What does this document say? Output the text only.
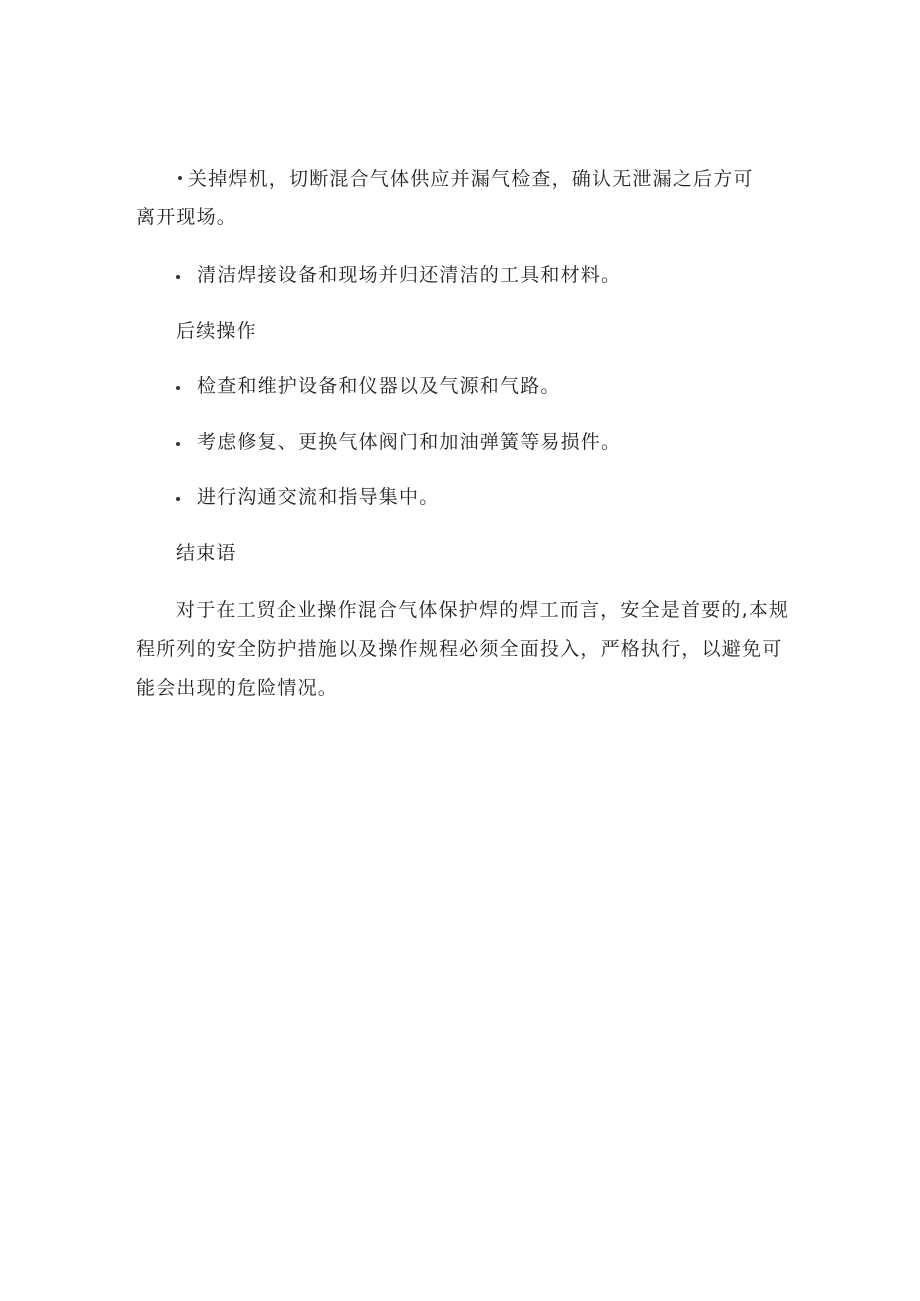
关掉焊机，切断混合气体供应并漏气检查，确认无泄漏之后方可
离开现场。
清洁焊接设备和现场并归还清洁的工具和材料。
后续操作
检查和维护设备和仪器以及气源和气路。
考虑修复、更换气体阀门和加油弹簧等易损件。
进行沟通交流和指导集中。
结束语
对于在工贸企业操作混合气体保护焊的焊工而言，安全是首要的,本规
程所列的安全防护措施以及操作规程必须全面投入，严格执行，以避免可
能会出现的危险情况。
